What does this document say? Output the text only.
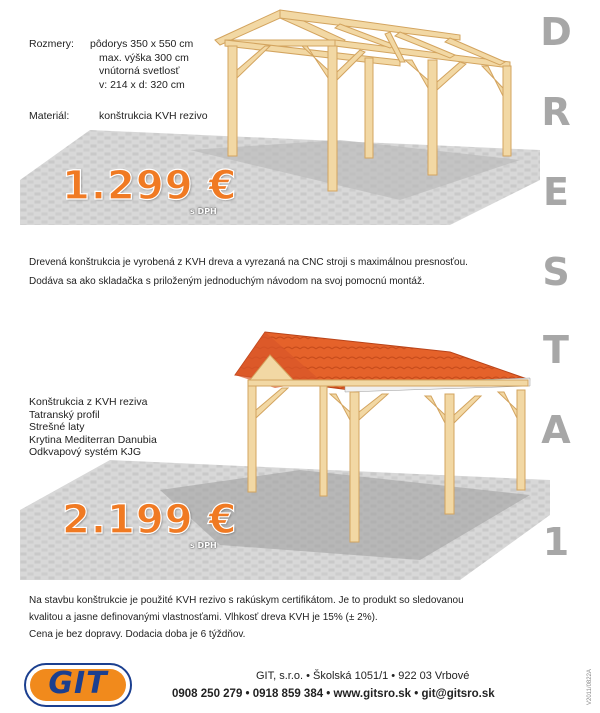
Rozmery: pôdorys 350 x 550 cm
max. výška 300 cm
vnútorná svetlosť
v: 214 x d: 320 cm
Materiál:	konštrukcia KVH rezivo
1.299 €
s DPH
Drevená konštrukcia je vyrobená z KVH dreva a vyrezaná na CNC stroji s maximálnou presnosťou.
Dodáva sa ako skladačka s priloženým jednoduchým návodom na svoj pomocnú montáž.
Konštrukcia z KVH reziva
Tatranský profil
Strešné laty
Krytina Mediterran Danubia
Odkvapový systém KJG
2.199 €
s DPH
Na stavbu konštrukcie je použité KVH rezivo s rakúskym certifikátom. Je to produkt so sledovanou
kvalitou a jasne definovanými vlastnosťami. Vlhkosť dreva KVH je 15% (± 2%).
Cena je bez dopravy. Dodacia doba je 6 týždňov.
D
R
E
S
T
A
1
GIT	GIT, s.r.o. • Školská 1051/1 • 922 03 Vrbové
0908 250 279 • 0918 859 384 • www.gitsro.sk • git@gitsro.sk	V2011/0822A
